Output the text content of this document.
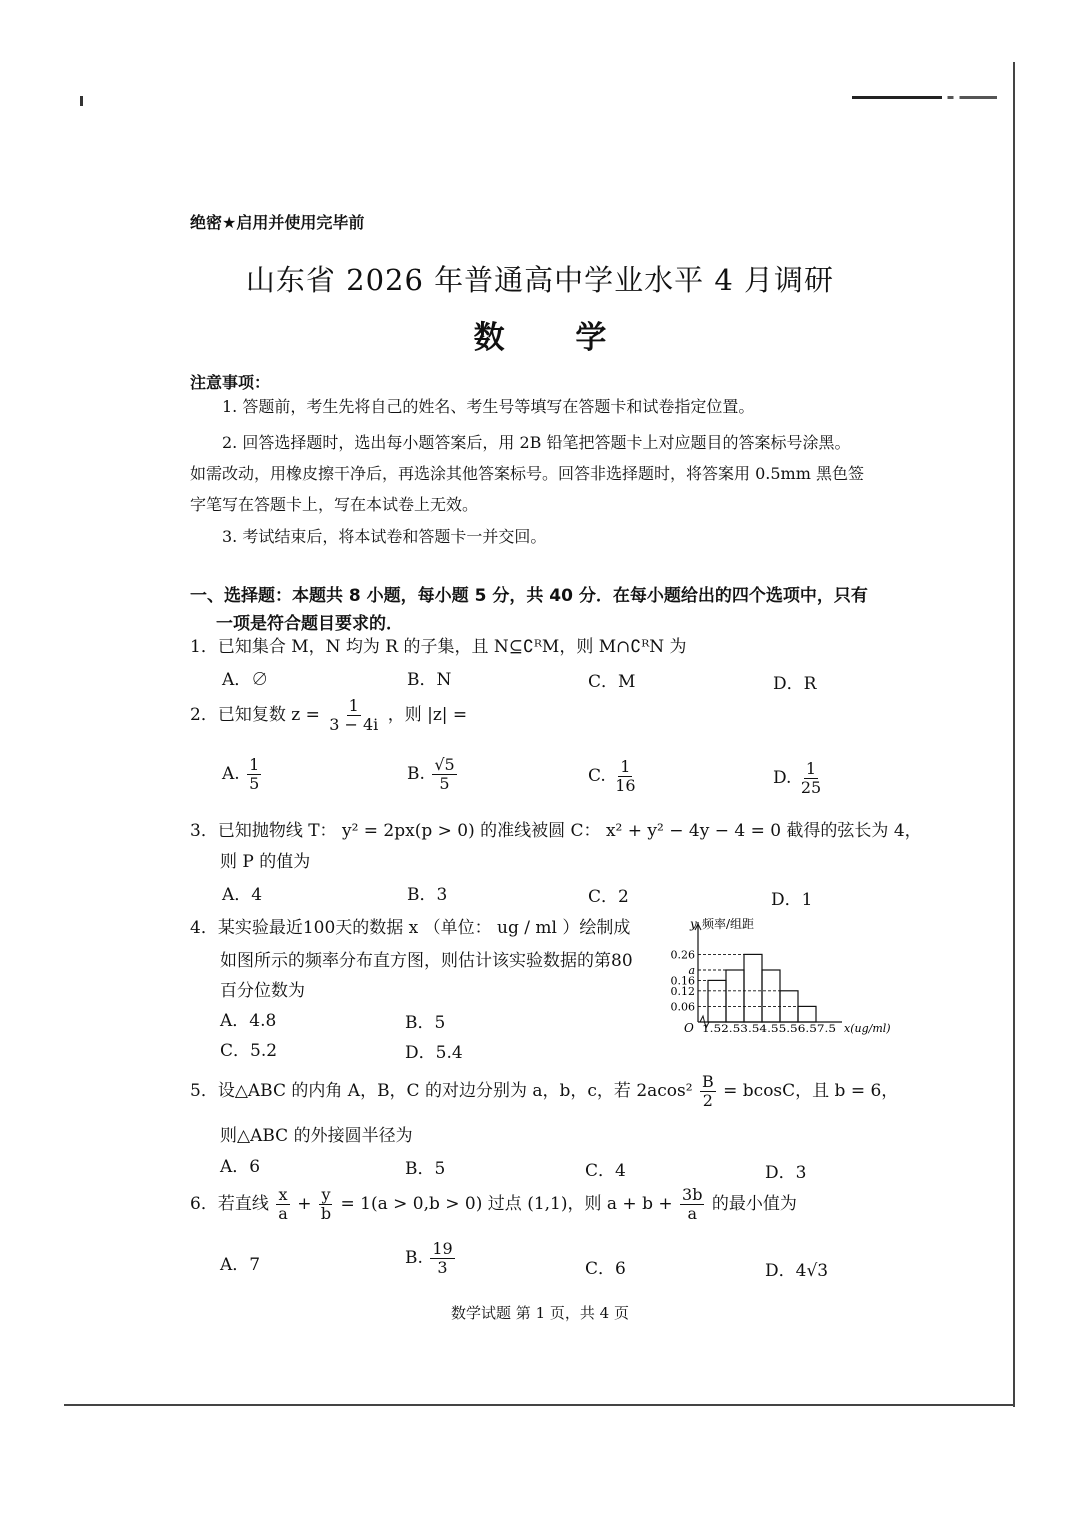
绝密★启用并使用完毕前
山东省 2026 年普通高中学业水平 4 月调研
数 学
注意事项：
1. 答题前，考生先将自己的姓名、考生号等填写在答题卡和试卷指定位置。
2. 回答选择题时，选出每小题答案后，用 2B 铅笔把答题卡上对应题目的答案标号涂黑。
如需改动，用橡皮擦干净后，再选涂其他答案标号。回答非选择题时，将答案用 0.5mm 黑色签
字笔写在答题卡上，写在本试卷上无效。
3. 考试结束后，将本试卷和答题卡一并交回。
一、选择题：本题共 8 小题，每小题 5 分，共 40 分．在每小题给出的四个选项中，只有
一项是符合题目要求的．
1．已知集合 M，N 均为 R 的子集，且 N⊆∁ᴿM，则 M∩∁ᴿN 为
A．∅	B．N	C．M	D．R
2．已知复数 $z = \frac{1}{3 - 4i}$ ，则 |z| =
A. $\frac{1}{5}$	B. $\frac{√5}{5}$	C. $\frac{1}{16}$	D. $\frac{1}{25}$
3．已知抛物线 T： y² = 2px(p > 0) 的准线被圆 C： x² + y² − 4y − 4 = 0 截得的弦长为 4，
则 P 的值为
A．4	B．3	C．2	D．1
4．某实验最近100天的数据 x （单位： ug / ml ）绘制成
如图所示的频率分布直方图，则估计该实验数据的第80
百分位数为
A．4.8	B．5
C．5.2	D．5.4
0.26
a
0.16
0.12
0.06
频率/组距
y
O 1.52.53.54.55.56.57.5 x(ug/ml)
5．设△ABC 的内角 A，B，C 的对边分别为 a，b，c，若 $2acos^2 \frac{B}{2} = bcosC$，且 b = 6，
则△ABC 的外接圆半径为
A．6	B．5	C．4	D．3
6．若直线 $\frac{x}{a} + \frac{y}{b} = 1(a > 0,b > 0)$ 过点 (1,1)，则 $a + b + \frac{3b}{a}$ 的最小值为
A．7	B. $\frac{19}{3}$	C．6	D．4√3
数学试题 第 1 页，共 4 页
